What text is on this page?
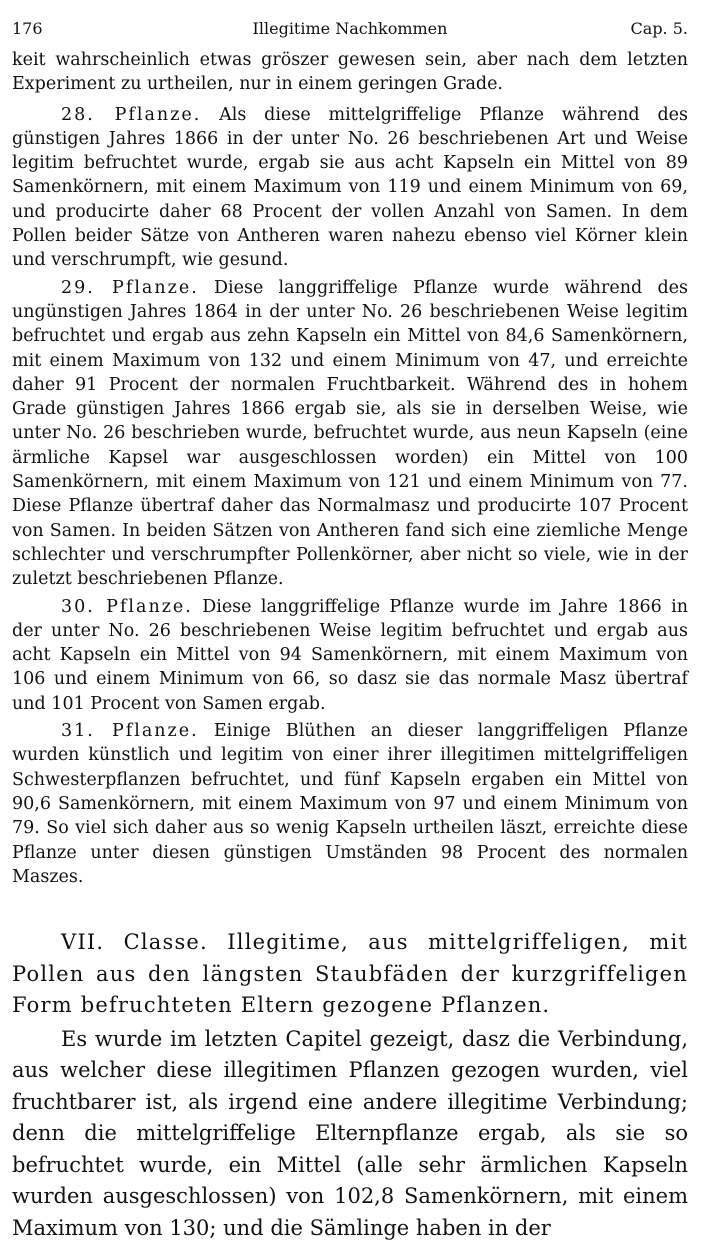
176	Illegitime Nachkommen	Cap. 5.

keit wahrscheinlich etwas gröszer gewesen sein, aber nach dem letzten Experiment zu urtheilen, nur in einem geringen Grade.

28. Pflanze. Als diese mittelgriffelige Pflanze während des günstigen Jahres 1866 in der unter No. 26 beschriebenen Art und Weise legitim befruchtet wurde, ergab sie aus acht Kapseln ein Mittel von 89 Samenkörnern, mit einem Maximum von 119 und einem Minimum von 69, und producirte daher 68 Procent der vollen Anzahl von Samen. In dem Pollen beider Sätze von Antheren waren nahezu ebenso viel Körner klein und verschrumpft, wie gesund.

29. Pflanze. Diese langgriffelige Pflanze wurde während des ungünstigen Jahres 1864 in der unter No. 26 beschriebenen Weise legitim befruchtet und ergab aus zehn Kapseln ein Mittel von 84,6 Samenkörnern, mit einem Maximum von 132 und einem Minimum von 47, und erreichte daher 91 Procent der normalen Fruchtbarkeit. Während des in hohem Grade günstigen Jahres 1866 ergab sie, als sie in derselben Weise, wie unter No. 26 beschrieben wurde, befruchtet wurde, aus neun Kapseln (eine ärmliche Kapsel war ausgeschlossen worden) ein Mittel von 100 Samenkörnern, mit einem Maximum von 121 und einem Minimum von 77. Diese Pflanze übertraf daher das Normalmasz und producirte 107 Procent von Samen. In beiden Sätzen von Antheren fand sich eine ziemliche Menge schlechter und verschrumpfter Pollenkörner, aber nicht so viele, wie in der zuletzt beschriebenen Pflanze.

30. Pflanze. Diese langgriffelige Pflanze wurde im Jahre 1866 in der unter No. 26 beschriebenen Weise legitim befruchtet und ergab aus acht Kapseln ein Mittel von 94 Samenkörnern, mit einem Maximum von 106 und einem Minimum von 66, so dasz sie das normale Masz übertraf und 101 Procent von Samen ergab.

31. Pflanze. Einige Blüthen an dieser langgriffeligen Pflanze wurden künstlich und legitim von einer ihrer illegitimen mittelgriffeligen Schwesterpflanzen befruchtet, und fünf Kapseln ergaben ein Mittel von 90,6 Samenkörnern, mit einem Maximum von 97 und einem Minimum von 79. So viel sich daher aus so wenig Kapseln urtheilen läszt, erreichte diese Pflanze unter diesen günstigen Umständen 98 Procent des normalen Maszes.

VII. Classe. Illegitime, aus mittelgriffeligen, mit Pollen aus den längsten Staubfäden der kurzgriffeligen Form befruchteten Eltern gezogene Pflanzen.

Es wurde im letzten Capitel gezeigt, dasz die Verbindung, aus welcher diese illegitimen Pflanzen gezogen wurden, viel fruchtbarer ist, als irgend eine andere illegitime Verbindung; denn die mittelgriffelige Elternpflanze ergab, als sie so befruchtet wurde, ein Mittel (alle sehr ärmlichen Kapseln wurden ausgeschlossen) von 102,8 Samenkörnern, mit einem Maximum von 130; und die Sämlinge haben in der
